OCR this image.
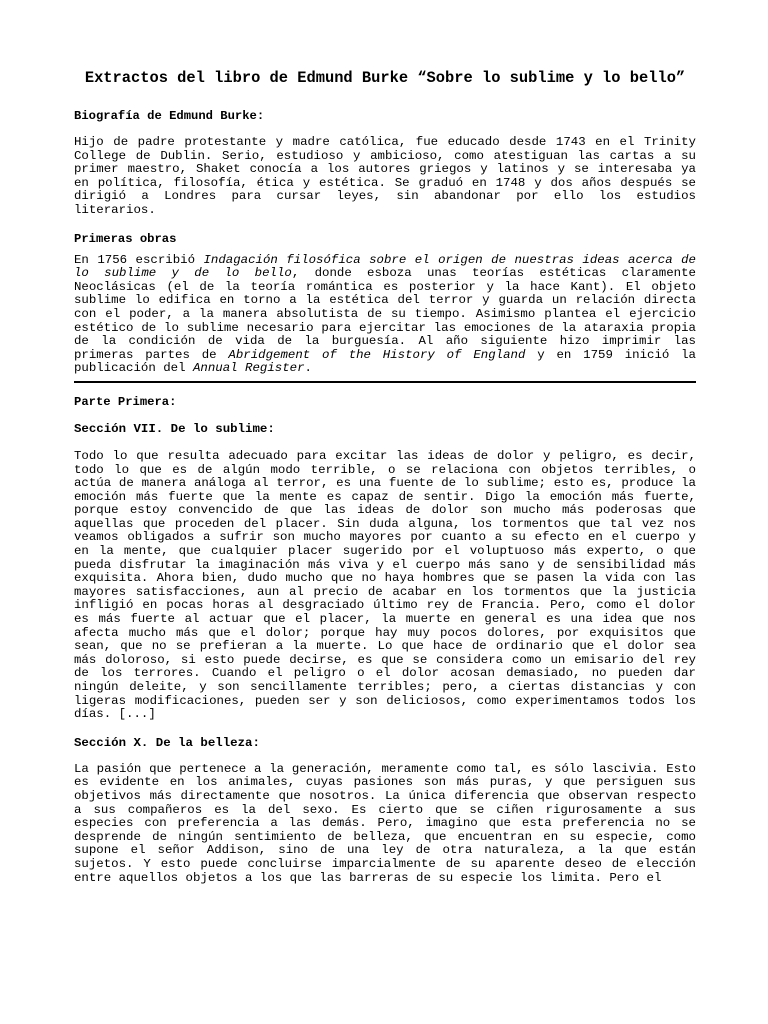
Extractos del libro de Edmund Burke “Sobre lo sublime y lo bello”
Biografía de Edmund Burke:

Hijo de padre protestante y madre católica, fue educado desde 1743 en el Trinity College de Dublin. Serio, estudioso y ambicioso, como atestiguan las cartas a su primer maestro, Shaket conocía a los autores griegos y latinos y se interesaba ya en política, filosofía, ética y estética. Se graduó en 1748 y dos años después se dirigió a Londres para cursar leyes, sin abandonar por ello los estudios literarios.

Primeras obras

En 1756 escribió Indagación filosófica sobre el origen de nuestras ideas acerca de lo sublime y de lo bello, donde esboza unas teorías estéticas claramente Neoclásicas (el de la teoría romántica es posterior y la hace Kant). El objeto sublime lo edifica en torno a la estética del terror y guarda un relación directa con el poder, a la manera absolutista de su tiempo. Asimismo plantea el ejercicio estético de lo sublime necesario para ejercitar las emociones de la ataraxia propia de la condición de vida de la burguesía. Al año siguiente hizo imprimir las primeras partes de Abridgement of the History of England y en 1759 inició la publicación del Annual Register.

Parte Primera:
Sección VII. De lo sublime:

Todo lo que resulta adecuado para excitar las ideas de dolor y peligro, es decir, todo lo que es de algún modo terrible, o se relaciona con objetos terribles, o actúa de manera análoga al terror, es una fuente de lo sublime; esto es, produce la emoción más fuerte que la mente es capaz de sentir. Digo la emoción más fuerte, porque estoy convencido de que las ideas de dolor son mucho más poderosas que aquellas que proceden del placer. Sin duda alguna, los tormentos que tal vez nos veamos obligados a sufrir son mucho mayores por cuanto a su efecto en el cuerpo y en la mente, que cualquier placer sugerido por el voluptuoso más experto, o que pueda disfrutar la imaginación más viva y el cuerpo más sano y de sensibilidad más exquisita. Ahora bien, dudo mucho que no haya hombres que se pasen la vida con las mayores satisfacciones, aun al precio de acabar en los tormentos que la justicia infligió en pocas horas al desgraciado último rey de Francia. Pero, como el dolor es más fuerte al actuar que el placer, la muerte en general es una idea que nos afecta mucho más que el dolor; porque hay muy pocos dolores, por exquisitos que sean, que no se prefieran a la muerte. Lo que hace de ordinario que el dolor sea más doloroso, si esto puede decirse, es que se considera como un emisario del rey de los terrores. Cuando el peligro o el dolor acosan demasiado, no pueden dar ningún deleite, y son sencillamente terribles; pero, a ciertas distancias y con ligeras modificaciones, pueden ser y son deliciosos, como experimentamos todos los días. [...]

Sección X. De la belleza:

La pasión que pertenece a la generación, meramente como tal, es sólo lascivia. Esto es evidente en los animales, cuyas pasiones son más puras, y que persiguen sus objetivos más directamente que nosotros. La única diferencia que observan respecto a sus compañeros es la del sexo. Es cierto que se ciñen rigurosamente a sus especies con preferencia a las demás. Pero, imagino que esta preferencia no se desprende de ningún sentimiento de belleza, que encuentran en su especie, como supone el señor Addison, sino de una ley de otra naturaleza, a la que están sujetos. Y esto puede concluirse imparcialmente de su aparente deseo de elección entre aquellos objetos a los que las barreras de su especie los limita. Pero el
